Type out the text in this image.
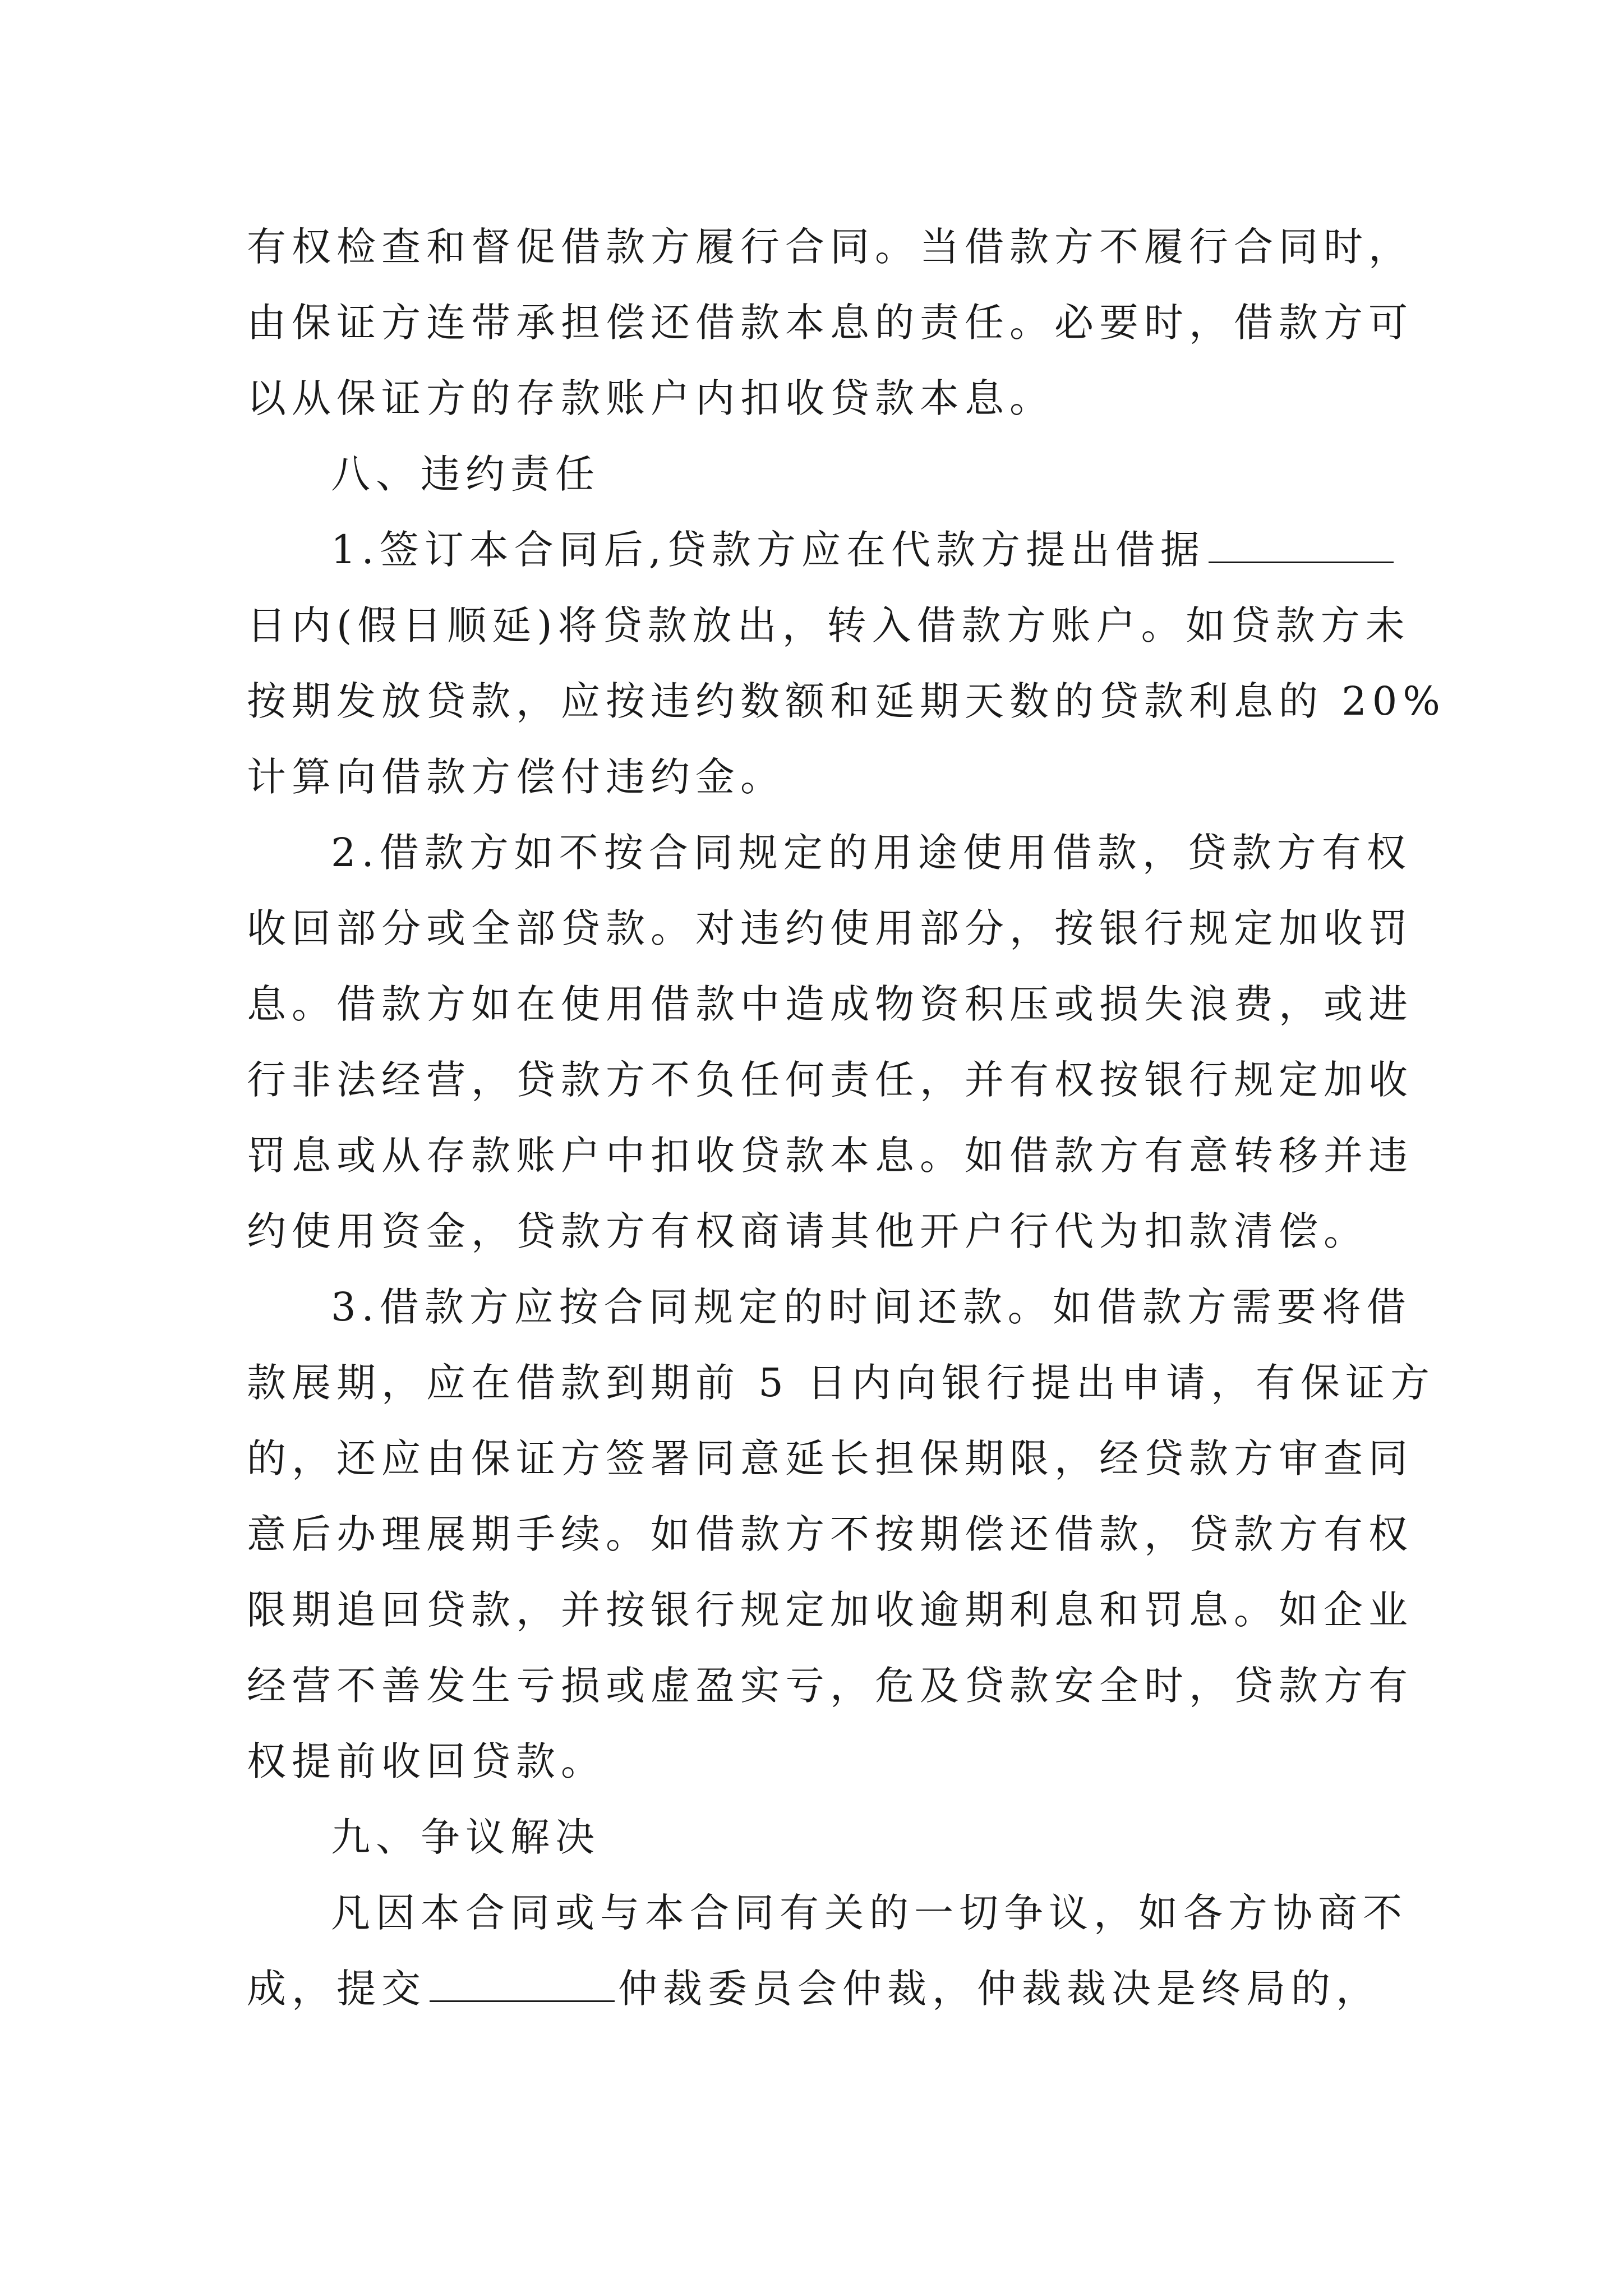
有权检查和督促借款方履行合同。当借款方不履行合同时，
由保证方连带承担偿还借款本息的责任。必要时，借款方可
以从保证方的存款账户内扣收贷款本息。
八、违约责任
1.签订本合同后,贷款方应在代款方提出借据
日内(假日顺延)将贷款放出，转入借款方账户。如贷款方未
按期发放贷款，应按违约数额和延期天数的贷款利息的 20%
计算向借款方偿付违约金。
2.借款方如不按合同规定的用途使用借款，贷款方有权
收回部分或全部贷款。对违约使用部分，按银行规定加收罚
息。借款方如在使用借款中造成物资积压或损失浪费，或进
行非法经营，贷款方不负任何责任，并有权按银行规定加收
罚息或从存款账户中扣收贷款本息。如借款方有意转移并违
约使用资金，贷款方有权商请其他开户行代为扣款清偿。
3.借款方应按合同规定的时间还款。如借款方需要将借
款展期，应在借款到期前 5 日内向银行提出申请，有保证方
的，还应由保证方签署同意延长担保期限，经贷款方审查同
意后办理展期手续。如借款方不按期偿还借款，贷款方有权
限期追回贷款，并按银行规定加收逾期利息和罚息。如企业
经营不善发生亏损或虚盈实亏，危及贷款安全时，贷款方有
权提前收回贷款。
九、争议解决
凡因本合同或与本合同有关的一切争议，如各方协商不
成，提交	仲裁委员会仲裁，仲裁裁决是终局的，
